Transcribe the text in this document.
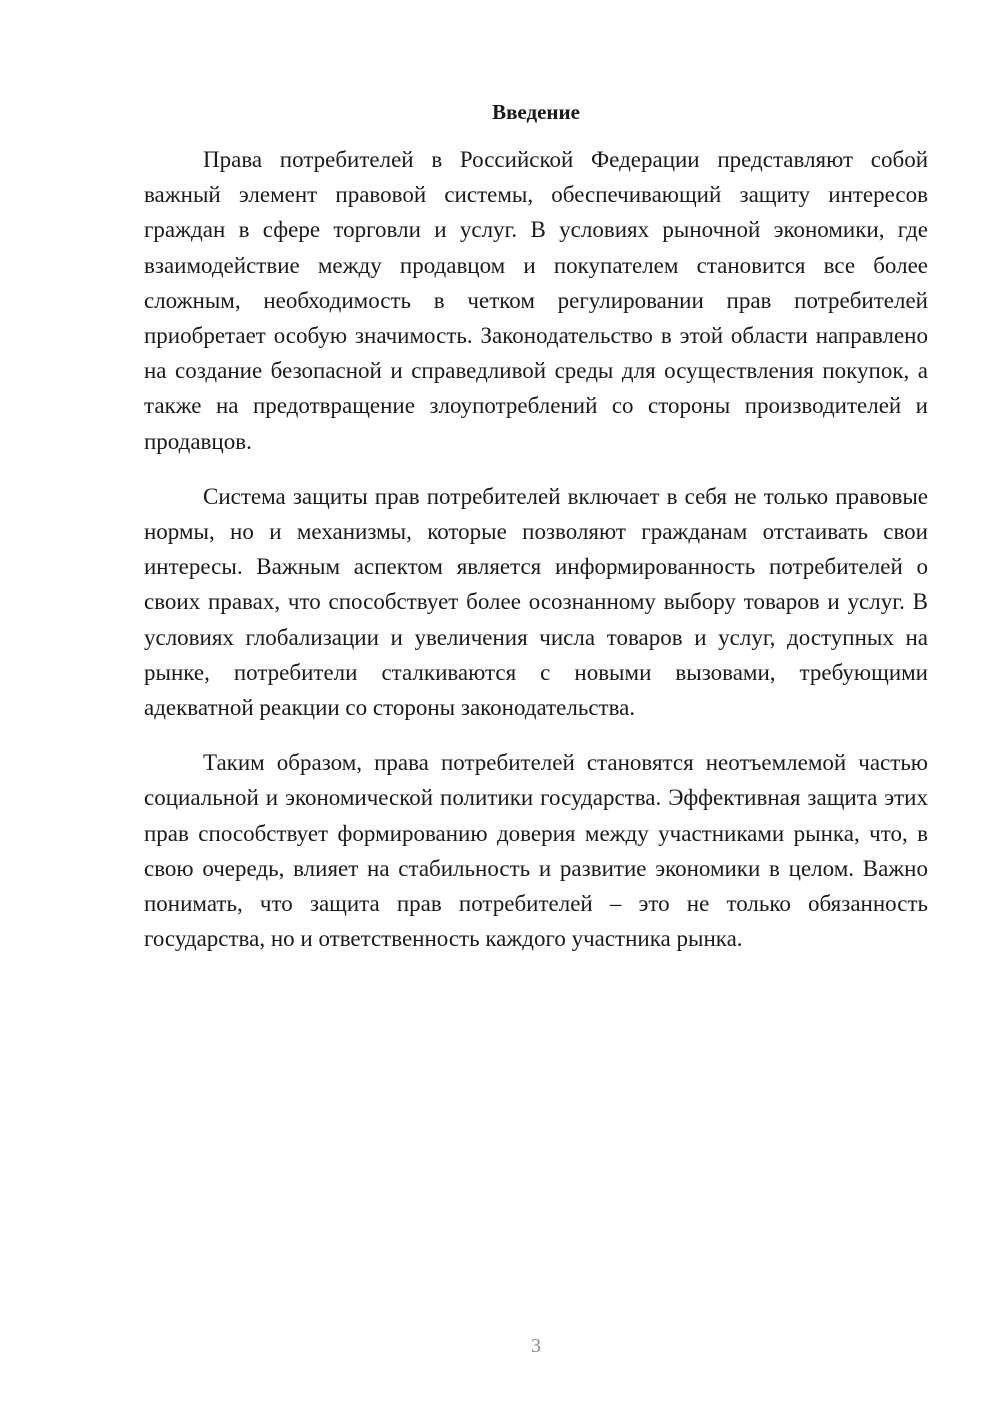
Введение

Права потребителей в Российской Федерации представляют собой важный элемент правовой системы, обеспечивающий защиту интересов граждан в сфере торговли и услуг. В условиях рыночной экономики, где взаимодействие между продавцом и покупателем становится все более сложным, необходимость в четком регулировании прав потребителей приобретает особую значимость. Законодательство в этой области направлено на создание безопасной и справедливой среды для осуществления покупок, а также на предотвращение злоупотреблений со стороны производителей и продавцов.

Система защиты прав потребителей включает в себя не только правовые нормы, но и механизмы, которые позволяют гражданам отстаивать свои интересы. Важным аспектом является информированность потребителей о своих правах, что способствует более осознанному выбору товаров и услуг. В условиях глобализации и увеличения числа товаров и услуг, доступных на рынке, потребители сталкиваются с новыми вызовами, требующими адекватной реакции со стороны законодательства.

Таким образом, права потребителей становятся неотъемлемой частью социальной и экономической политики государства. Эффективная защита этих прав способствует формированию доверия между участниками рынка, что, в свою очередь, влияет на стабильность и развитие экономики в целом. Важно понимать, что защита прав потребителей – это не только обязанность государства, но и ответственность каждого участника рынка.

3
